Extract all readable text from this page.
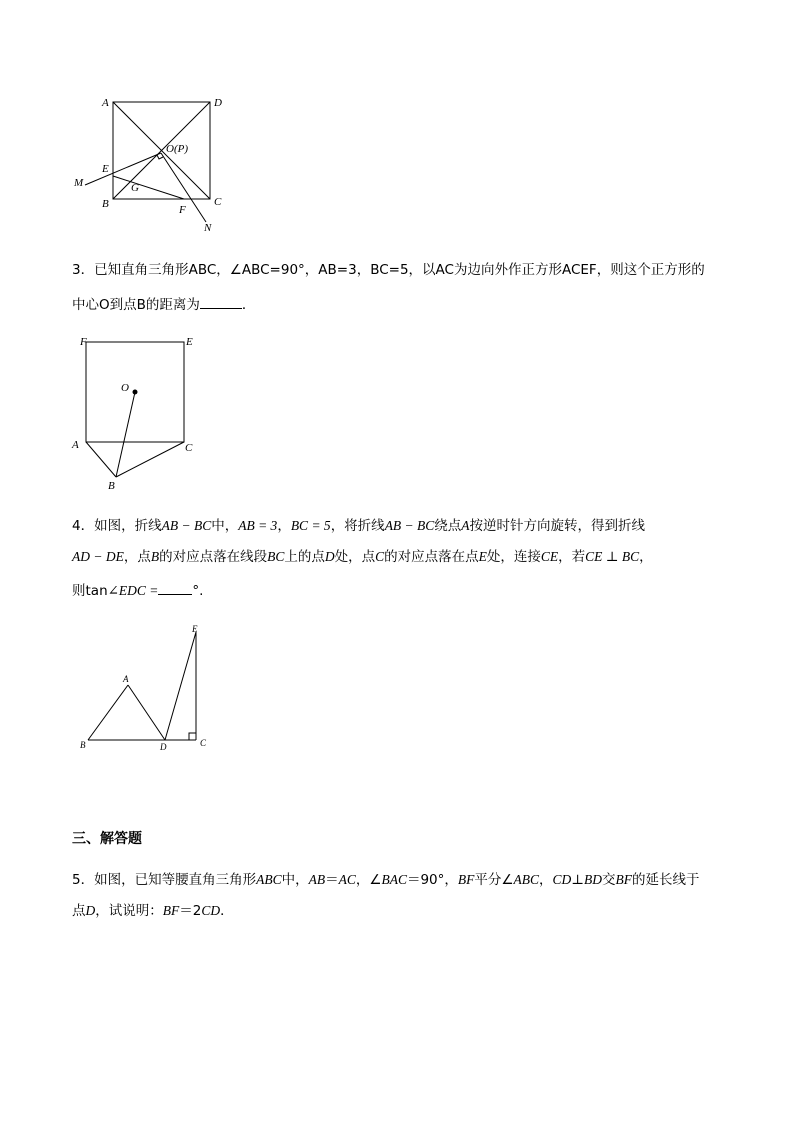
A	D
B	C
E
M	G
F
N
O(P)
3．已知直角三角形ABC，∠ABC=90°，AB=3，BC=5，以AC为边向外作正方形ACEF，则这个正方形的
中心O到点B的距离为	．
F	E
O
A	C
B
4．如图，折线AB − BC中，AB = 3，BC = 5，将折线AB − BC绕点A按逆时针方向旋转，得到折线
AD − DE，点B的对应点落在线段BC上的点D处，点C的对应点落在点E处，连接CE，若CE ⊥ BC，
则tan∠EDC =	°.
E
A
B	D	C
三、解答题
5．如图，已知等腰直角三角形ABC中，AB＝AC，∠BAC＝90°，BF平分∠ABC，CD⊥BD交BF的延长线于
点D，试说明：BF＝2CD．
